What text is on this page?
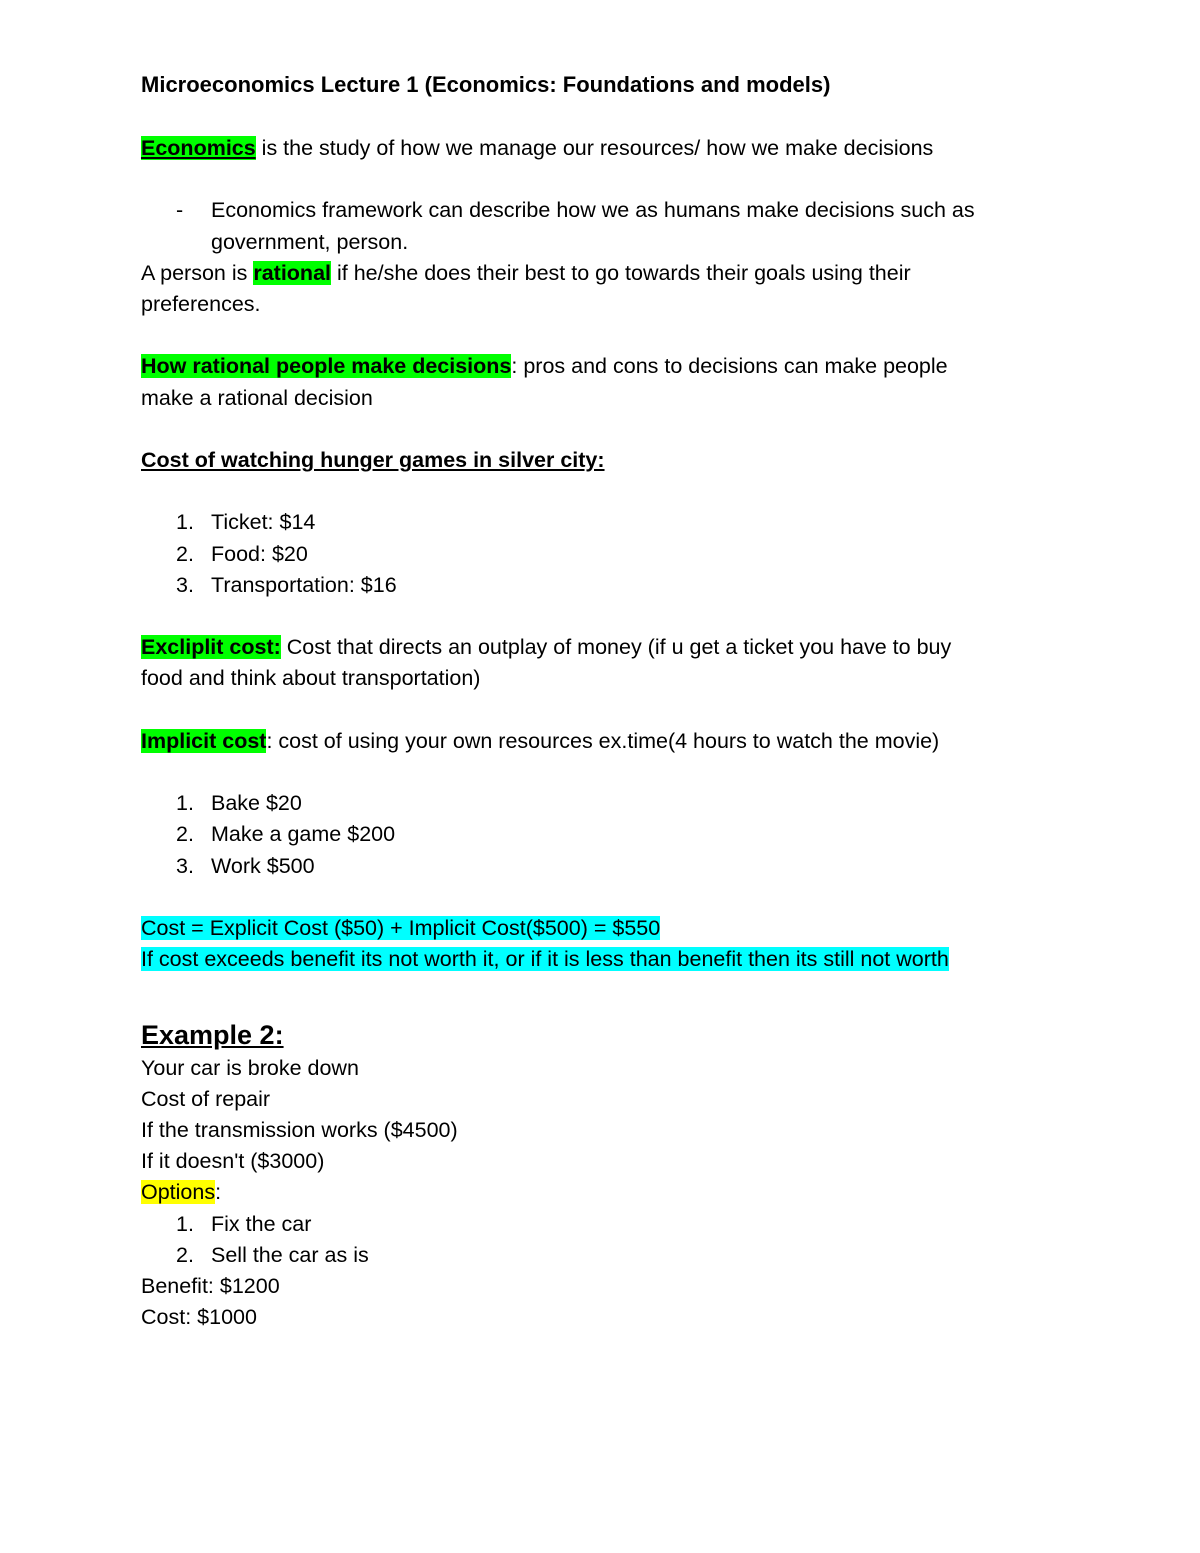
Microeconomics Lecture 1 (Economics: Foundations and models)

Economics is the study of how we manage our resources/ how we make decisions

- Economics framework can describe how we as humans make decisions such as government, person.

A person is rational if he/she does their best to go towards their goals using their

preferences.

How rational people make decisions: pros and cons to decisions can make people

make a rational decision

Cost of watching hunger games in silver city:

1. Ticket: $14
2. Food: $20
3. Transportation: $16

Excliplit cost: Cost that directs an outplay of money (if u get a ticket you have to buy

food and think about transportation)

Implicit cost: cost of using your own resources ex.time(4 hours to watch the movie)

1. Bake $20
2. Make a game $200
3. Work $500

Cost = Explicit Cost ($50) + Implicit Cost($500) = $550

If cost exceeds benefit its not worth it, or if it is less than benefit then its still not worth

Example 2:

Your car is broke down

Cost of repair

If the transmission works ($4500)

If it doesn't ($3000)

Options:

1. Fix the car
2. Sell the car as is

Benefit: $1200

Cost: $1000
